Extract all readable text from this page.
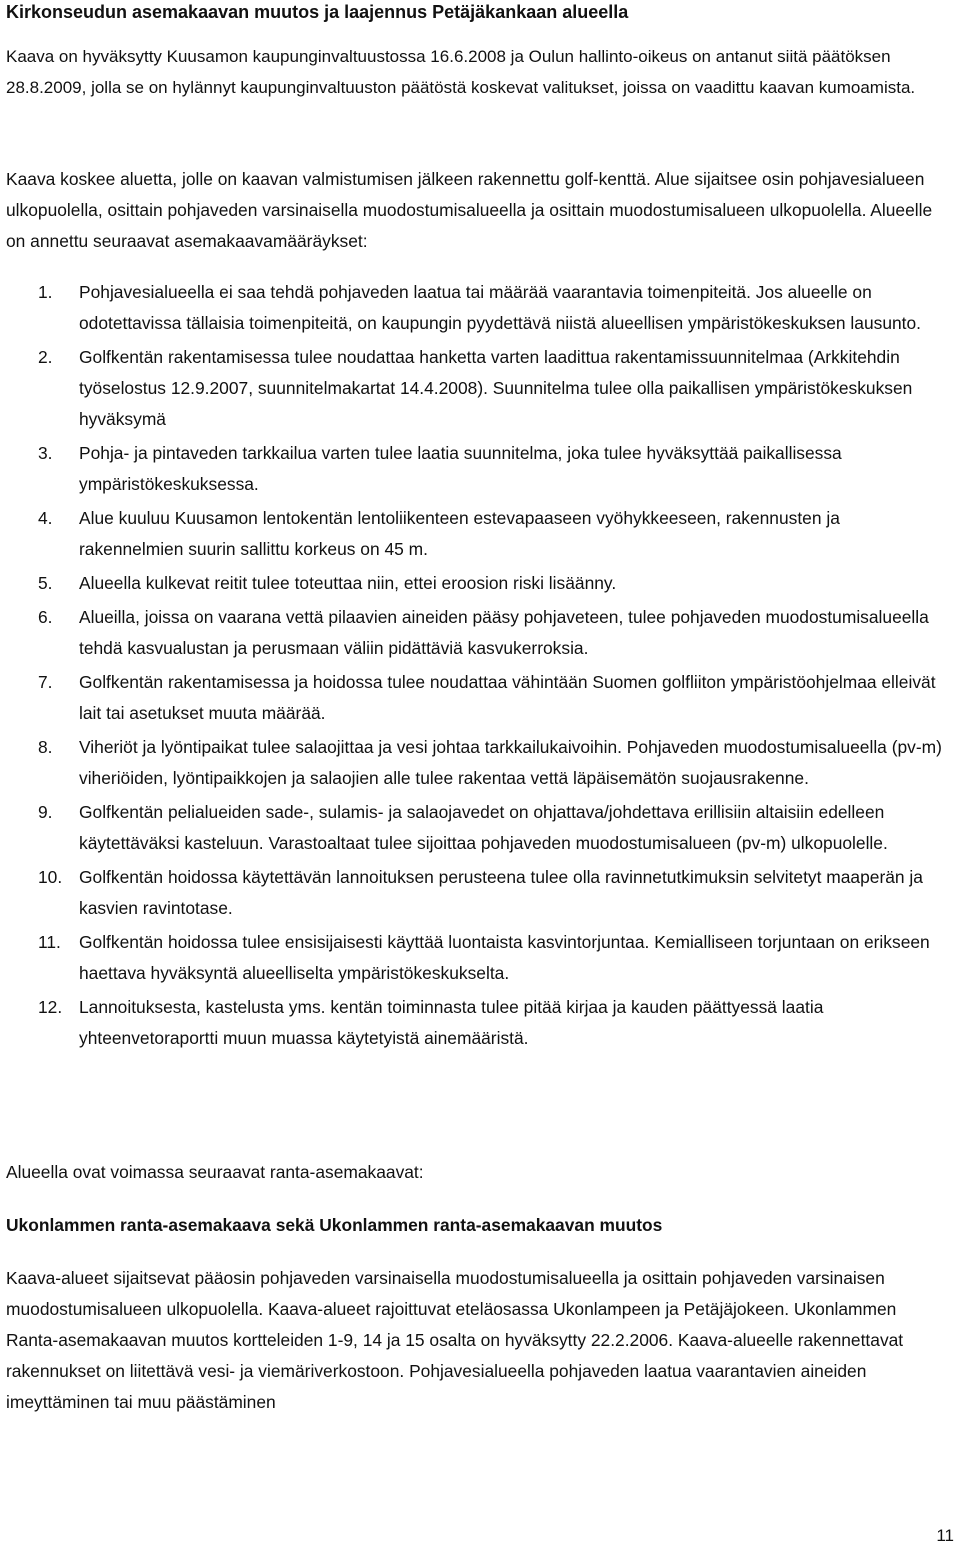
Kirkonseudun asemakaavan muutos ja laajennus Petäjäkankaan alueella
Kaava on hyväksytty Kuusamon kaupunginvaltuustossa 16.6.2008 ja Oulun hallinto-oikeus on antanut siitä päätöksen 28.8.2009, jolla se on hylännyt kaupunginvaltuuston päätöstä koskevat valitukset, joissa on vaadittu kaavan kumoamista.
Kaava koskee aluetta, jolle on kaavan valmistumisen jälkeen rakennettu golf-kenttä. Alue sijaitsee osin pohjavesialueen ulkopuolella, osittain pohjaveden varsinaisella muodostumisalueella ja osittain muodostumisalueen ulkopuolella. Alueelle on annettu seuraavat asemakaavamääräykset:
1. Pohjavesialueella ei saa tehdä pohjaveden laatua tai määrää vaarantavia toimenpiteitä. Jos alueelle on odotettavissa tällaisia toimenpiteitä, on kaupungin pyydettävä niistä alueellisen ympäristökeskuksen lausunto.
2. Golfkentän rakentamisessa tulee noudattaa hanketta varten laadittua rakentamissuunnitelmaa (Arkkitehdin työselostus 12.9.2007, suunnitelmakartat 14.4.2008). Suunnitelma tulee olla paikallisen ympäristökeskuksen hyväksymä
3. Pohja- ja pintaveden tarkkailua varten tulee laatia suunnitelma, joka tulee hyväksyttää paikallisessa ympäristökeskuksessa.
4. Alue kuuluu Kuusamon lentokentän lentoliikenteen estevapaaseen vyöhykkeeseen, rakennusten ja rakennelmien suurin sallittu korkeus on 45 m.
5. Alueella kulkevat reitit tulee toteuttaa niin, ettei eroosion riski lisäänny.
6. Alueilla, joissa on vaarana vettä pilaavien aineiden pääsy pohjaveteen, tulee pohjaveden muodostumisalueella tehdä kasvualustan ja perusmaan väliin pidättäviä kasvukerroksia.
7. Golfkentän rakentamisessa ja hoidossa tulee noudattaa vähintään Suomen golfliiton ympäristöohjelmaa elleivät lait tai asetukset muuta määrää.
8. Viheriöt ja lyöntipaikat tulee salaojittaa ja vesi johtaa tarkkailukaivoihin. Pohjaveden muodostumisalueella (pv-m) viheriöiden, lyöntipaikkojen ja salaojien alle tulee rakentaa vettä läpäisemätön suojausrakenne.
9. Golfkentän pelialueiden sade-, sulamis- ja salaojavedet on ohjattava/johdettava erillisiin altaisiin edelleen käytettäväksi kasteluun. Varastoaltaat tulee sijoittaa pohjaveden muodostumisalueen (pv-m) ulkopuolelle.
10. Golfkentän hoidossa käytettävän lannoituksen perusteena tulee olla ravinnetutkimuksin selvitetyt maaperän ja kasvien ravintotase.
11. Golfkentän hoidossa tulee ensisijaisesti käyttää luontaista kasvintorjuntaa. Kemialliseen torjuntaan on erikseen haettava hyväksyntä alueelliselta ympäristökeskukselta.
12. Lannoituksesta, kastelusta yms. kentän toiminnasta tulee pitää kirjaa ja kauden päättyessä laatia yhteenvetoraportti muun muassa käytetyistä ainemääristä.
Alueella ovat voimassa seuraavat ranta-asemakaavat:
Ukonlammen ranta-asemakaava sekä Ukonlammen ranta-asemakaavan muutos
Kaava-alueet sijaitsevat pääosin pohjaveden varsinaisella muodostumisalueella ja osittain pohjaveden varsinaisen muodostumisalueen ulkopuolella. Kaava-alueet rajoittuvat eteläosassa Ukonlampeen ja Petäjäjokeen. Ukonlammen Ranta-asemakaavan muutos kortteleiden 1-9, 14 ja 15 osalta on hyväksytty 22.2.2006. Kaava-alueelle rakennettavat rakennukset on liitettävä vesi- ja viemäriverkostoon. Pohjavesialueella pohjaveden laatua vaarantavien aineiden imeyttäminen tai muu päästäminen
11
